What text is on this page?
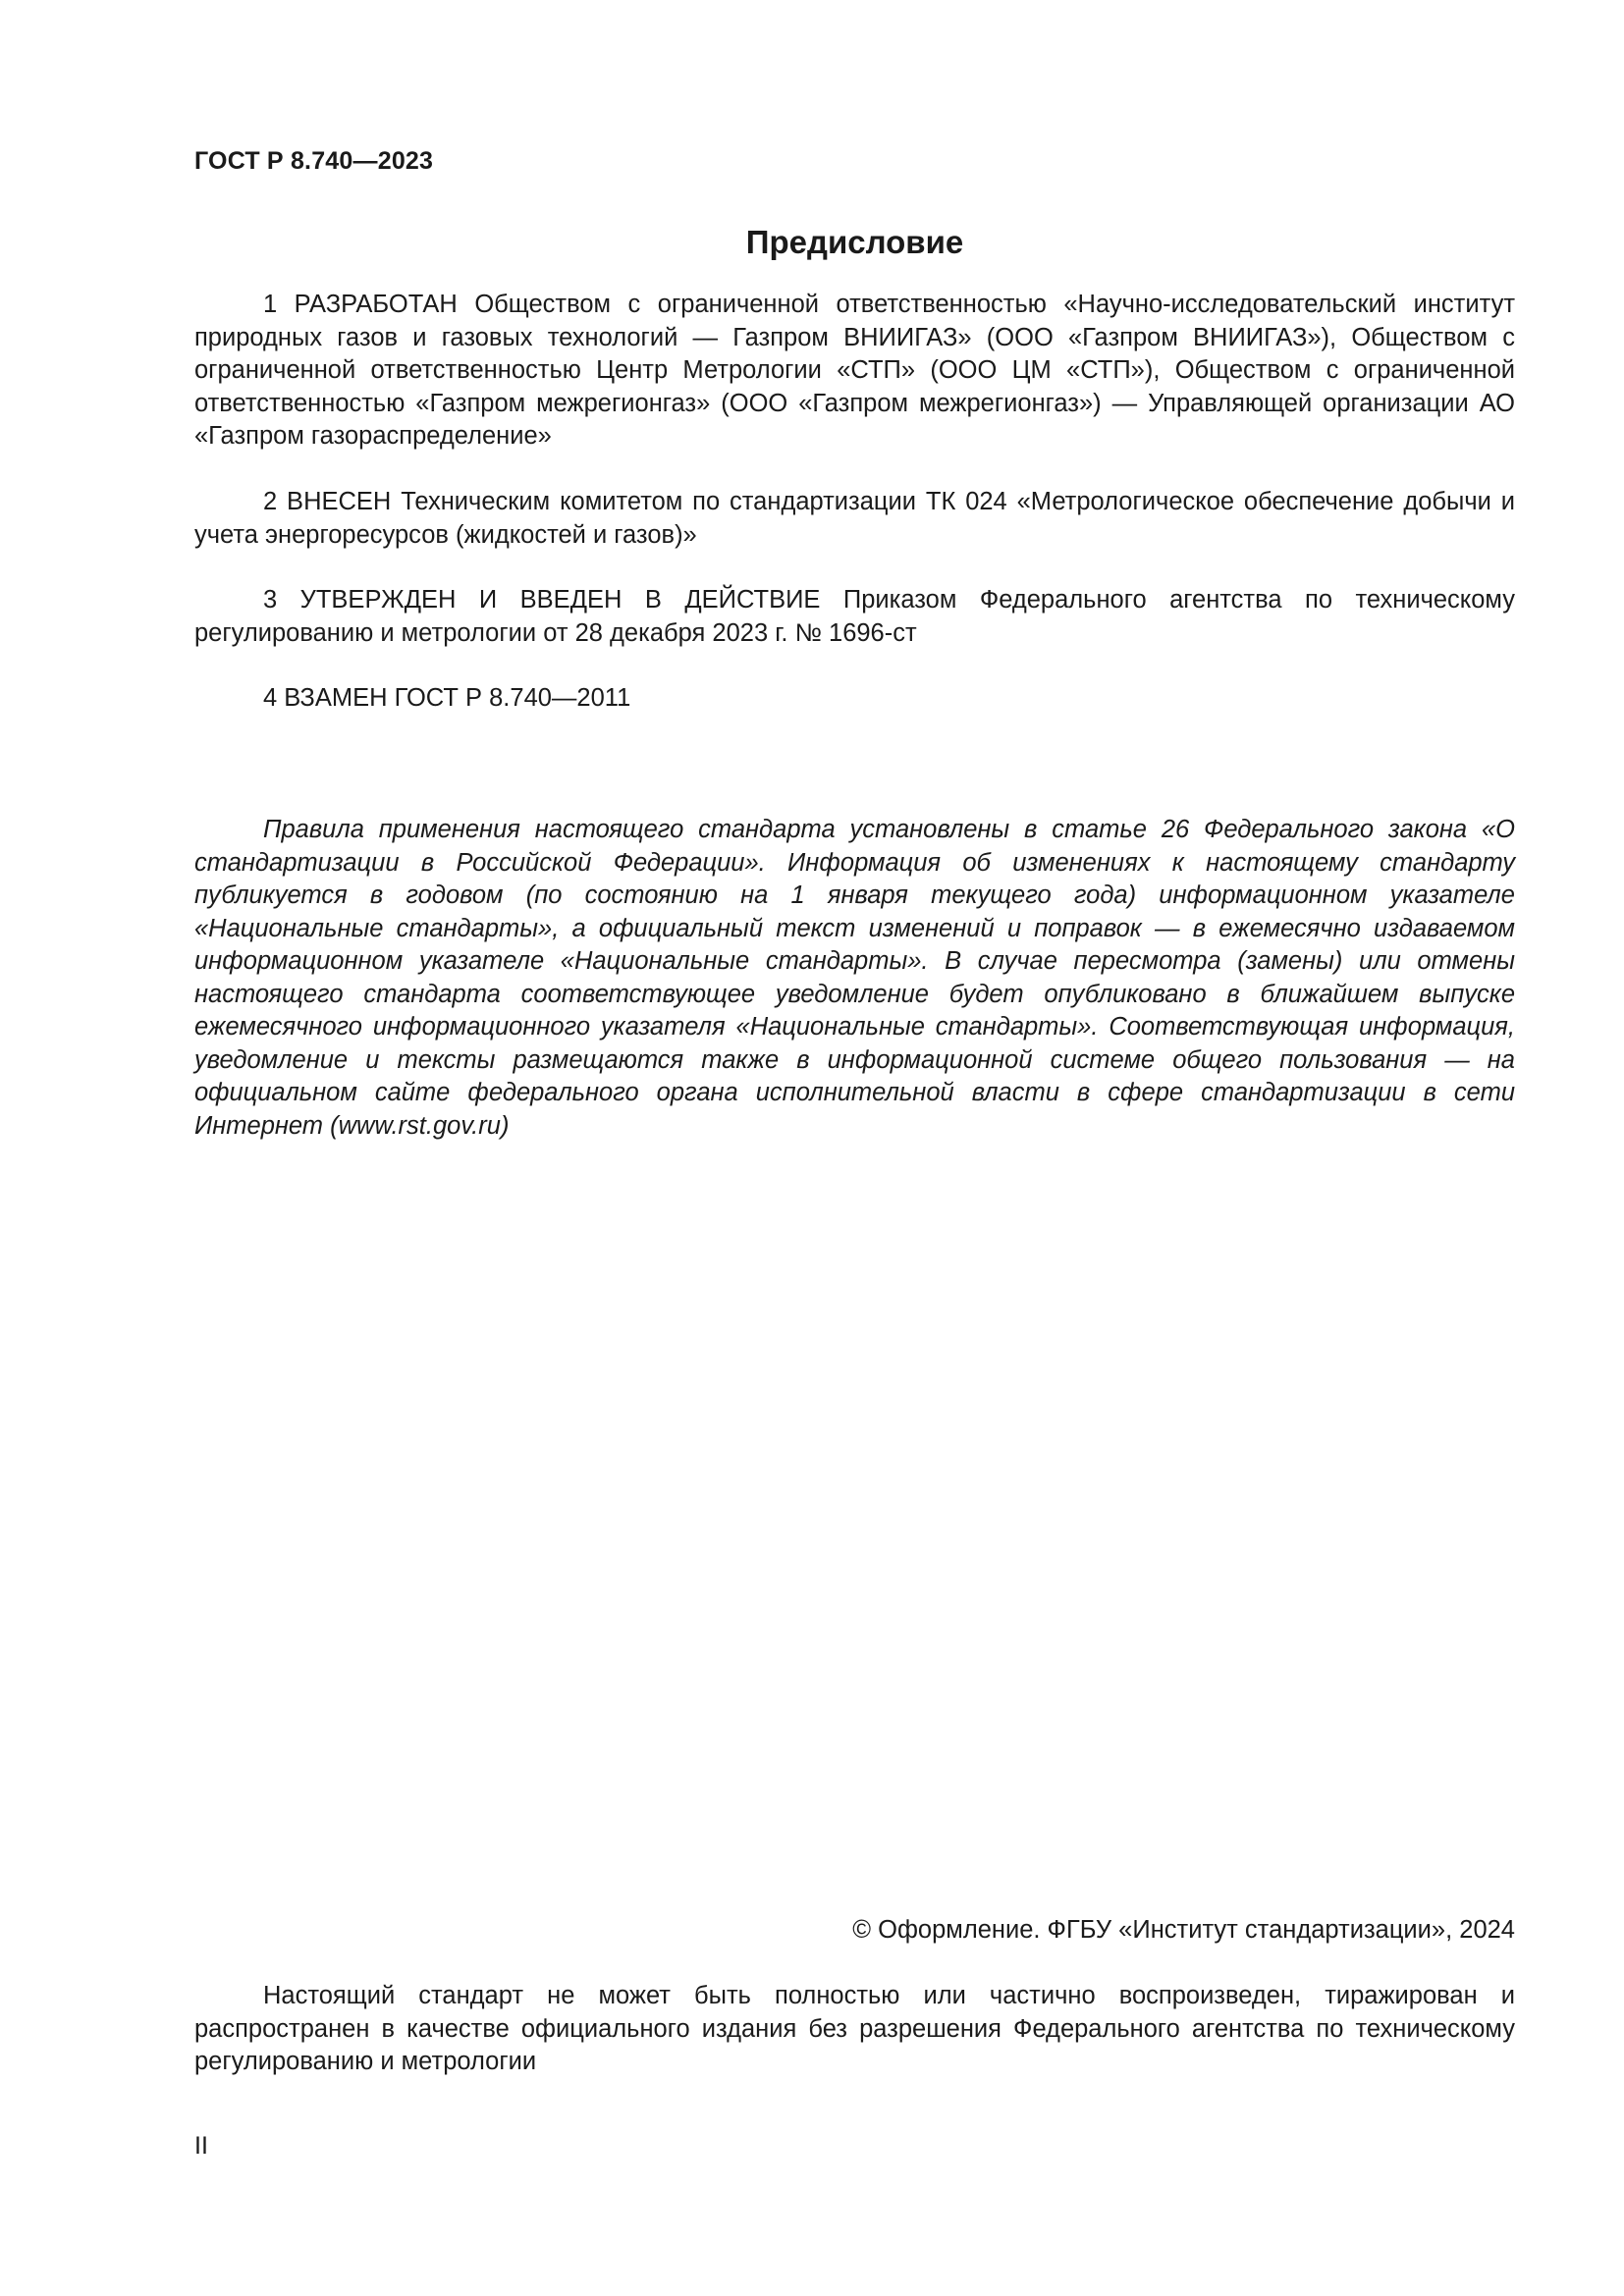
ГОСТ Р 8.740—2023
Предисловие

1 РАЗРАБОТАН Обществом с ограниченной ответственностью «Научно-исследовательский институт природных газов и газовых технологий — Газпром ВНИИГАЗ» (ООО «Газпром ВНИИГАЗ»), Обществом с ограниченной ответственностью Центр Метрологии «СТП» (ООО ЦМ «СТП»), Обществом с ограниченной ответственностью «Газпром межрегионгаз» (ООО «Газпром межрегионгаз») — Управляющей организации АО «Газпром газораспределение»

2 ВНЕСЕН Техническим комитетом по стандартизации ТК 024 «Метрологическое обеспечение добычи и учета энергоресурсов (жидкостей и газов)»

3 УТВЕРЖДЕН И ВВЕДЕН В ДЕЙСТВИЕ Приказом Федерального агентства по техническому регулированию и метрологии от 28 декабря 2023 г. № 1696-ст

4 ВЗАМЕН ГОСТ Р 8.740—2011

Правила применения настоящего стандарта установлены в статье 26 Федерального закона «О стандартизации в Российской Федерации». Информация об изменениях к настоящему стандарту публикуется в годовом (по состоянию на 1 января текущего года) информационном указателе «Национальные стандарты», а официальный текст изменений и поправок — в ежемесячно издаваемом информационном указателе «Национальные стандарты». В случае пересмотра (замены) или отмены настоящего стандарта соответствующее уведомление будет опубликовано в ближайшем выпуске ежемесячного информационного указателя «Национальные стандарты». Соответствующая информация, уведомление и тексты размещаются также в информационной системе общего пользования — на официальном сайте федерального органа исполнительной власти в сфере стандартизации в сети Интернет (www.rst.gov.ru)

© Оформление. ФГБУ «Институт стандартизации», 2024

Настоящий стандарт не может быть полностью или частично воспроизведен, тиражирован и распространен в качестве официального издания без разрешения Федерального агентства по техническому регулированию и метрологии

II
